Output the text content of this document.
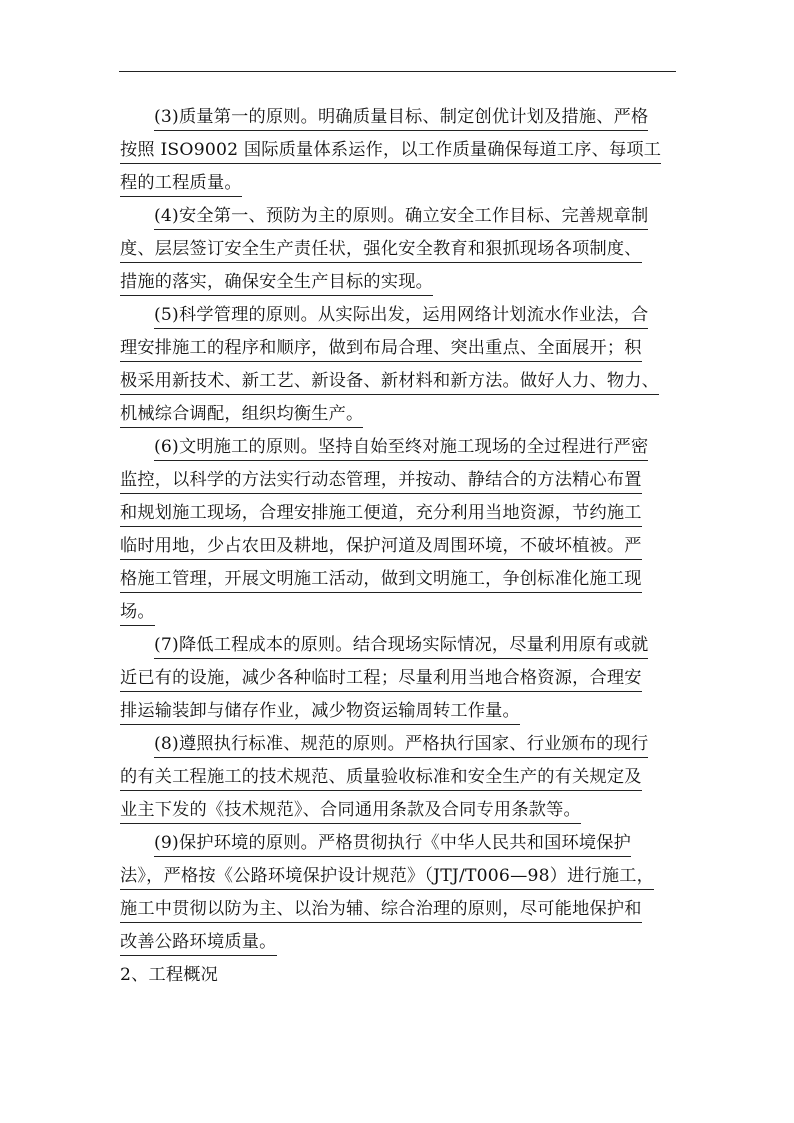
(3)质量第一的原则。明确质量目标、制定创优计划及措施、严格
按照 ISO9002 国际质量体系运作，以工作质量确保每道工序、每项工
程的工程质量。
(4)安全第一、预防为主的原则。确立安全工作目标、完善规章制
度、层层签订安全生产责任状，强化安全教育和狠抓现场各项制度、
措施的落实，确保安全生产目标的实现。
(5)科学管理的原则。从实际出发，运用网络计划流水作业法，合
理安排施工的程序和顺序，做到布局合理、突出重点、全面展开；积
极采用新技术、新工艺、新设备、新材料和新方法。做好人力、物力、
机械综合调配，组织均衡生产。
(6)文明施工的原则。坚持自始至终对施工现场的全过程进行严密
监控，以科学的方法实行动态管理，并按动、静结合的方法精心布置
和规划施工现场，合理安排施工便道，充分利用当地资源，节约施工
临时用地，少占农田及耕地，保护河道及周围环境，不破坏植被。严
格施工管理，开展文明施工活动，做到文明施工，争创标准化施工现
场。
(7)降低工程成本的原则。结合现场实际情况，尽量利用原有或就
近已有的设施，减少各种临时工程；尽量利用当地合格资源，合理安
排运输装卸与储存作业，减少物资运输周转工作量。
(8)遵照执行标准、规范的原则。严格执行国家、行业颁布的现行
的有关工程施工的技术规范、质量验收标准和安全生产的有关规定及
业主下发的《技术规范》、合同通用条款及合同专用条款等。
(9)保护环境的原则。严格贯彻执行《中华人民共和国环境保护
法》，严格按《公路环境保护设计规范》（JTJ/T006—98）进行施工，
施工中贯彻以防为主、以治为辅、综合治理的原则，尽可能地保护和
改善公路环境质量。
2、工程概况
